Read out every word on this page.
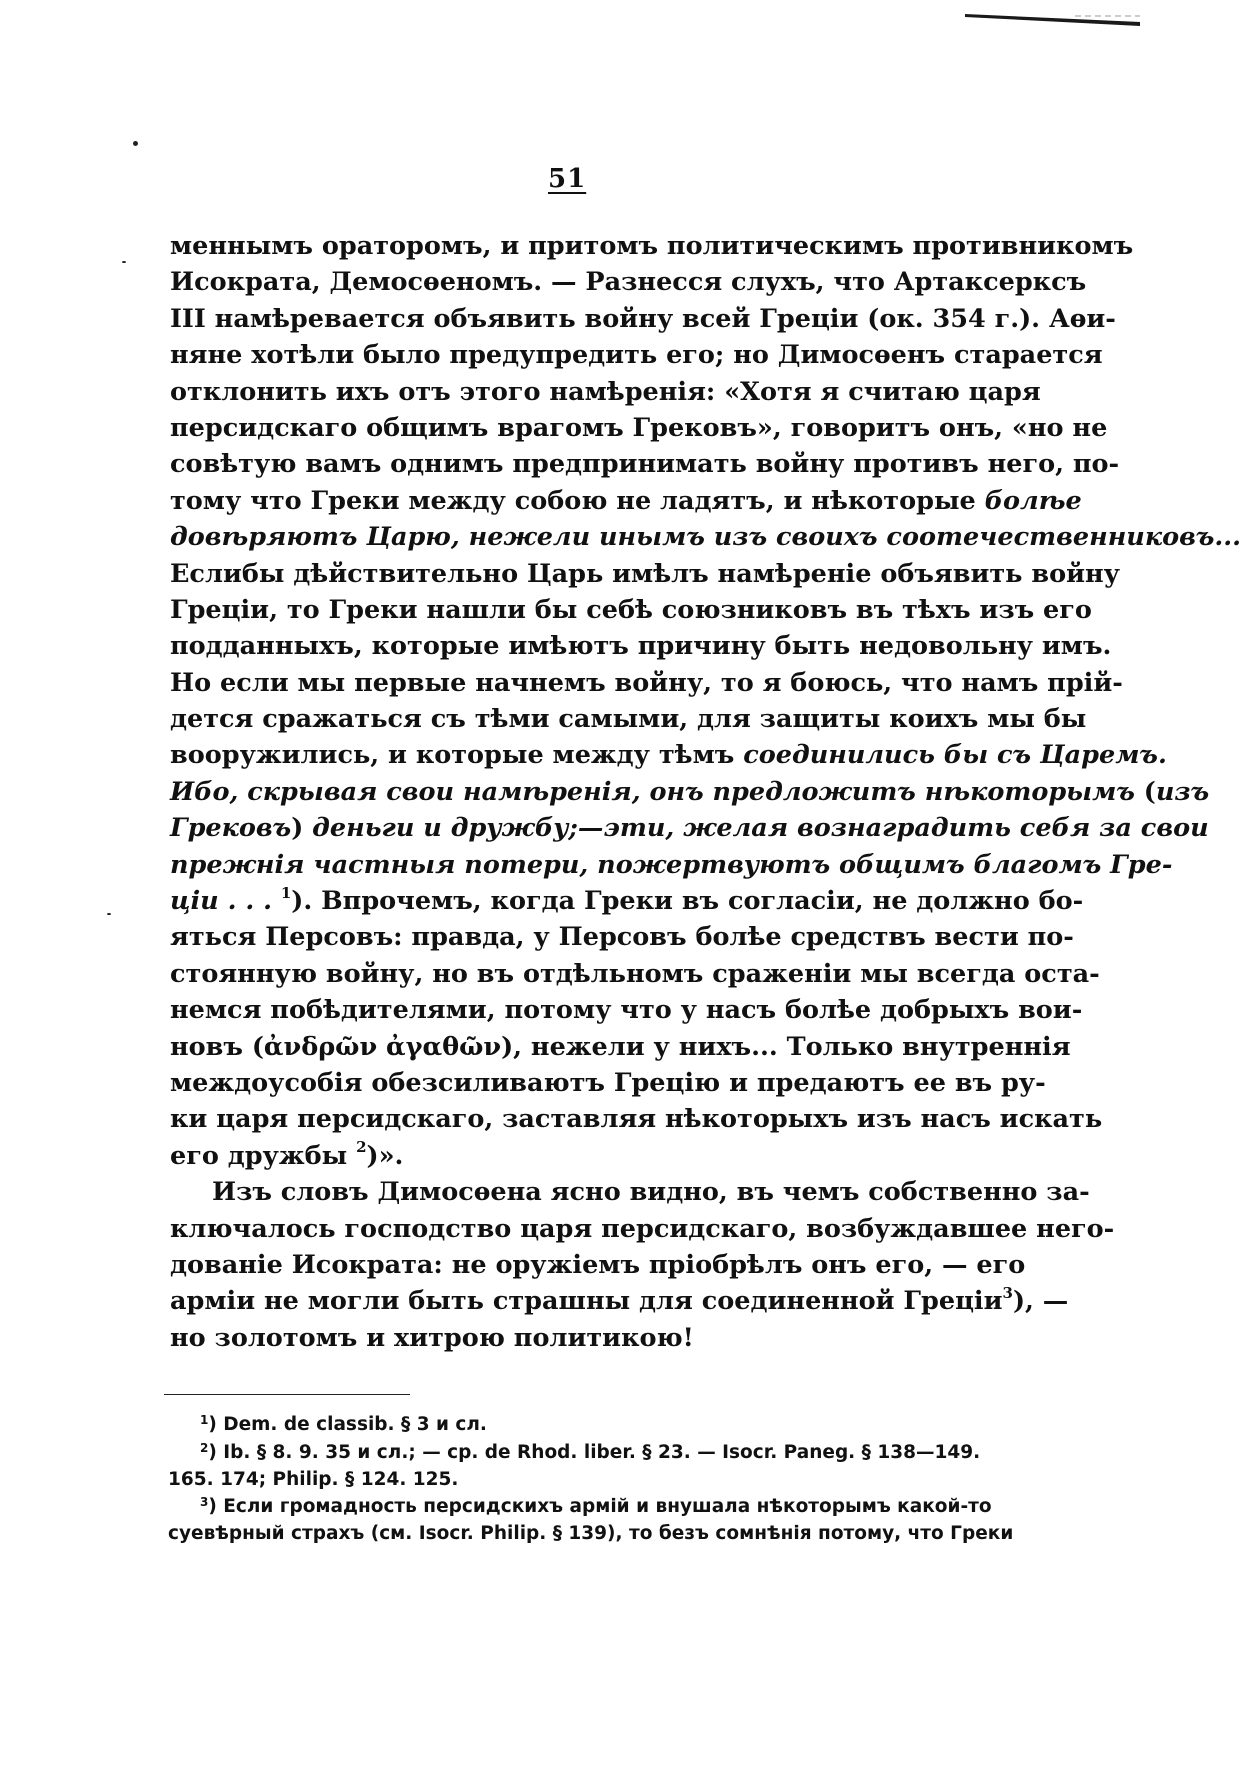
51
меннымъ ораторомъ, и притомъ политическимъ противникомъ
Исократа, Демосѳеномъ. — Разнесся слухъ, что Артаксерксъ
III намѣревается объявить войну всей Греціи (ок. 354 г.). Аѳи-
няне хотѣли было предупредить его; но Димосѳенъ старается
отклонить ихъ отъ этого намѣренія: «Хотя я считаю царя
персидскаго общимъ врагомъ Грековъ», говоритъ онъ, «но не
совѣтую вамъ однимъ предпринимать войну противъ него, по-
тому что Греки между собою не ладятъ, и нѣкоторые болѣе
довѣряютъ Царю, нежели инымъ изъ своихъ соотечественниковъ...
Еслибы дѣйствительно Царь имѣлъ намѣреніе объявить войну
Греціи, то Греки нашли бы себѣ союзниковъ въ тѣхъ изъ его
подданныхъ, которые имѣютъ причину быть недовольну имъ.
Но если мы первые начнемъ войну, то я боюсь, что намъ прій-
дется сражаться съ тѣми самыми, для защиты коихъ мы бы
вооружились, и которые между тѣмъ соединились бы съ Царемъ.
Ибо, скрывая свои намѣренія, онъ предложитъ нѣкоторымъ (изъ
Грековъ) деньги и дружбу;—эти, желая вознаградить себя за свои
прежнія частныя потери, пожертвуютъ общимъ благомъ Гре-
ціи . . . $^1$). Впрочемъ, когда Греки въ согласіи, не должно бо-
яться Персовъ: правда, у Персовъ болѣе средствъ вести по-
стоянную войну, но въ отдѣльномъ сраженіи мы всегда оста-
немся побѣдителями, потому что у насъ болѣе добрыхъ вои-
новъ (ἀνδρῶν ἀγαθῶν), нежели у нихъ... Только внутреннія
междоусобія обезсиливаютъ Грецію и предаютъ ее въ ру-
ки царя персидскаго, заставляя нѣкоторыхъ изъ насъ искать
его дружбы $^2$)».
Изъ словъ Димосѳена ясно видно, въ чемъ собственно за-
ключалось господство царя персидскаго, возбуждавшее него-
дованіе Исократа: не оружіемъ пріобрѣлъ онъ его, — его
арміи не могли быть страшны для соединенной Греціи$^3$), —
но золотомъ и хитрою политикою!
$^1$) Dem. de classib. § 3 и сл.
$^2$) Ib. § 8. 9. 35 и сл.; — ср. de Rhod. liber. § 23. — Isocr. Paneg. § 138—149.
165. 174; Philip. § 124. 125.
$^3$) Если громадность персидскихъ армій и внушала нѣкоторымъ какой-то
суевѣрный страхъ (см. Isocr. Philip. § 139), то безъ сомнѣнія потому, что Греки
